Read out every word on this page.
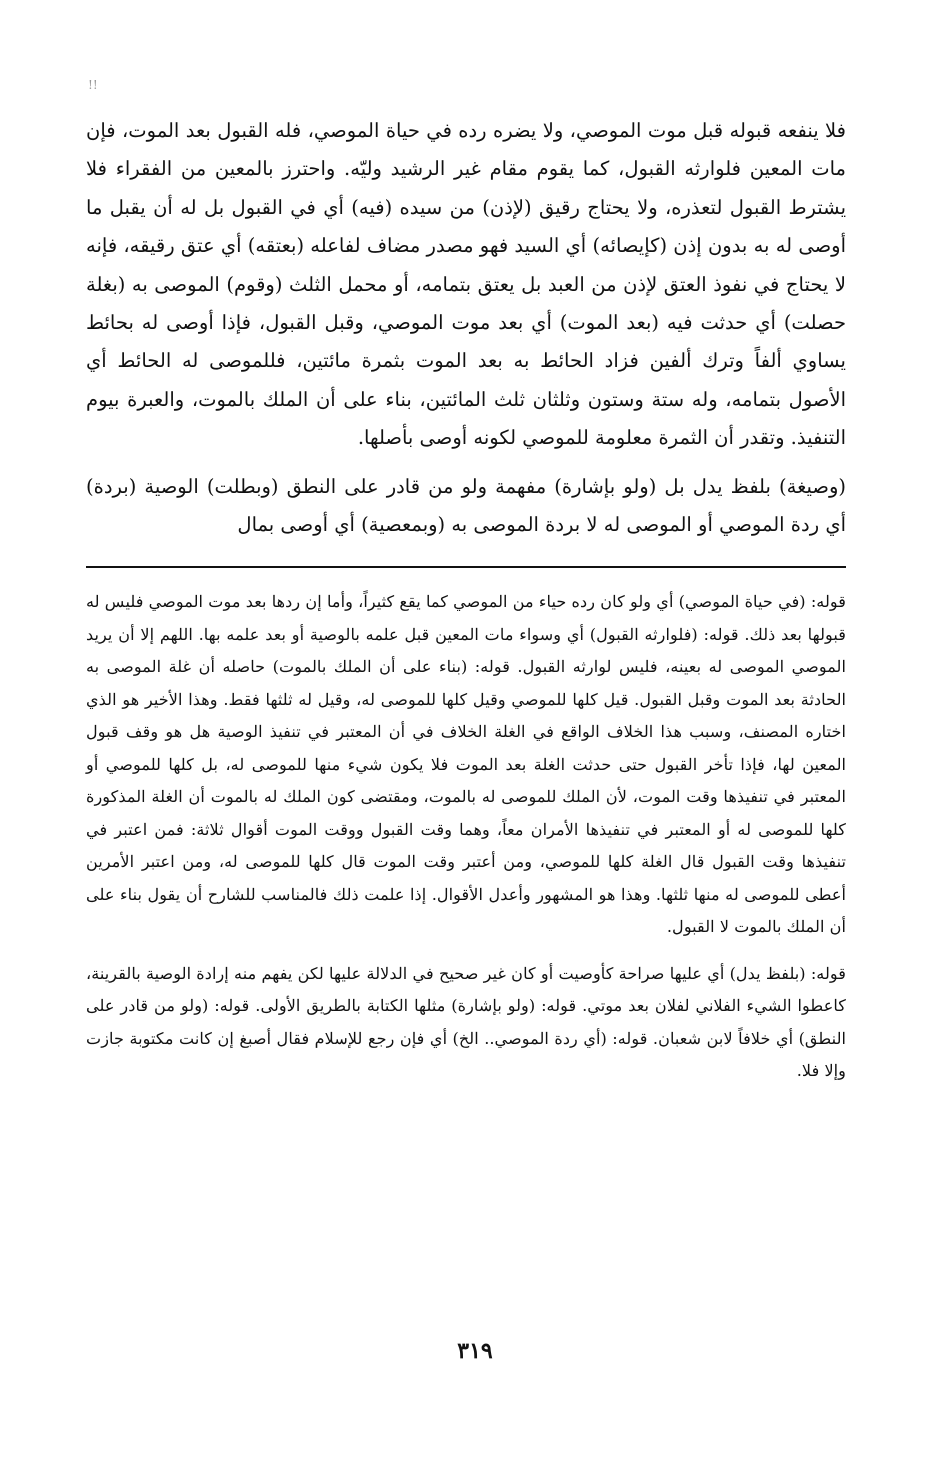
!!

فلا ينفعه قبوله قبل موت الموصي، ولا يضره رده في حياة الموصي، فله القبول بعد الموت، فإن مات المعين فلوارثه القبول، كما يقوم مقام غير الرشيد وليّه. واحترز بالمعين من الفقراء فلا يشترط القبول لتعذره، ولا يحتاج رقيق (لإذن) من سيده (فيه) أي في القبول بل له أن يقبل ما أوصى له به بدون إذن (كإيصائه) أي السيد فهو مصدر مضاف لفاعله (بعتقه) أي عتق رقيقه، فإنه لا يحتاج في نفوذ العتق لإذن من العبد بل يعتق بتمامه، أو محمل الثلث (وقوم) الموصى به (بغلة حصلت) أي حدثت فيه (بعد الموت) أي بعد موت الموصي، وقبل القبول، فإذا أوصى له بحائط يساوي ألفاً وترك ألفين فزاد الحائط به بعد الموت بثمرة مائتين، فللموصى له الحائط أي الأصول بتمامه، وله ستة وستون وثلثان ثلث المائتين، بناء على أن الملك بالموت، والعبرة بيوم التنفيذ. وتقدر أن الثمرة معلومة للموصي لكونه أوصى بأصلها.

(وصيغة) بلفظ يدل بل (ولو بإشارة) مفهمة ولو من قادر على النطق (وبطلت) الوصية (بردة) أي ردة الموصي أو الموصى له لا بردة الموصى به (وبمعصية) أي أوصى بمال

قوله: (في حياة الموصي) أي ولو كان رده حياء من الموصي كما يقع كثيراً، وأما إن ردها بعد موت الموصي فليس له قبولها بعد ذلك. قوله: (فلوارثه القبول) أي وسواء مات المعين قبل علمه بالوصية أو بعد علمه بها. اللهم إلا أن يريد الموصي الموصى له بعينه، فليس لوارثه القبول. قوله: (بناء على أن الملك بالموت) حاصله أن غلة الموصى به الحادثة بعد الموت وقبل القبول. قيل كلها للموصي وقيل كلها للموصى له، وقيل له ثلثها فقط. وهذا الأخير هو الذي اختاره المصنف، وسبب هذا الخلاف الواقع في الغلة الخلاف في أن المعتبر في تنفيذ الوصية هل هو وقف قبول المعين لها، فإذا تأخر القبول حتى حدثت الغلة بعد الموت فلا يكون شيء منها للموصى له، بل كلها للموصي أو المعتبر في تنفيذها وقت الموت، لأن الملك للموصى له بالموت، ومقتضى كون الملك له بالموت أن الغلة المذكورة كلها للموصى له أو المعتبر في تنفيذها الأمران معاً، وهما وقت القبول ووقت الموت أقوال ثلاثة: فمن اعتبر في تنفيذها وقت القبول قال الغلة كلها للموصي، ومن أعتبر وقت الموت قال كلها للموصى له، ومن اعتبر الأمرين أعطى للموصى له منها ثلثها. وهذا هو المشهور وأعدل الأقوال. إذا علمت ذلك فالمناسب للشارح أن يقول بناء على أن الملك بالموت لا القبول.

قوله: (بلفظ يدل) أي عليها صراحة كأوصيت أو كان غير صحيح في الدلالة عليها لكن يفهم منه إرادة الوصية بالقرينة، كاعطوا الشيء الفلاني لفلان بعد موتي. قوله: (ولو بإشارة) مثلها الكتابة بالطريق الأولى. قوله: (ولو من قادر على النطق) أي خلافاً لابن شعبان. قوله: (أي ردة الموصي.. الخ) أي فإن رجع للإسلام فقال أصبغ إن كانت مكتوبة جازت وإلا فلا.

٣١٩
